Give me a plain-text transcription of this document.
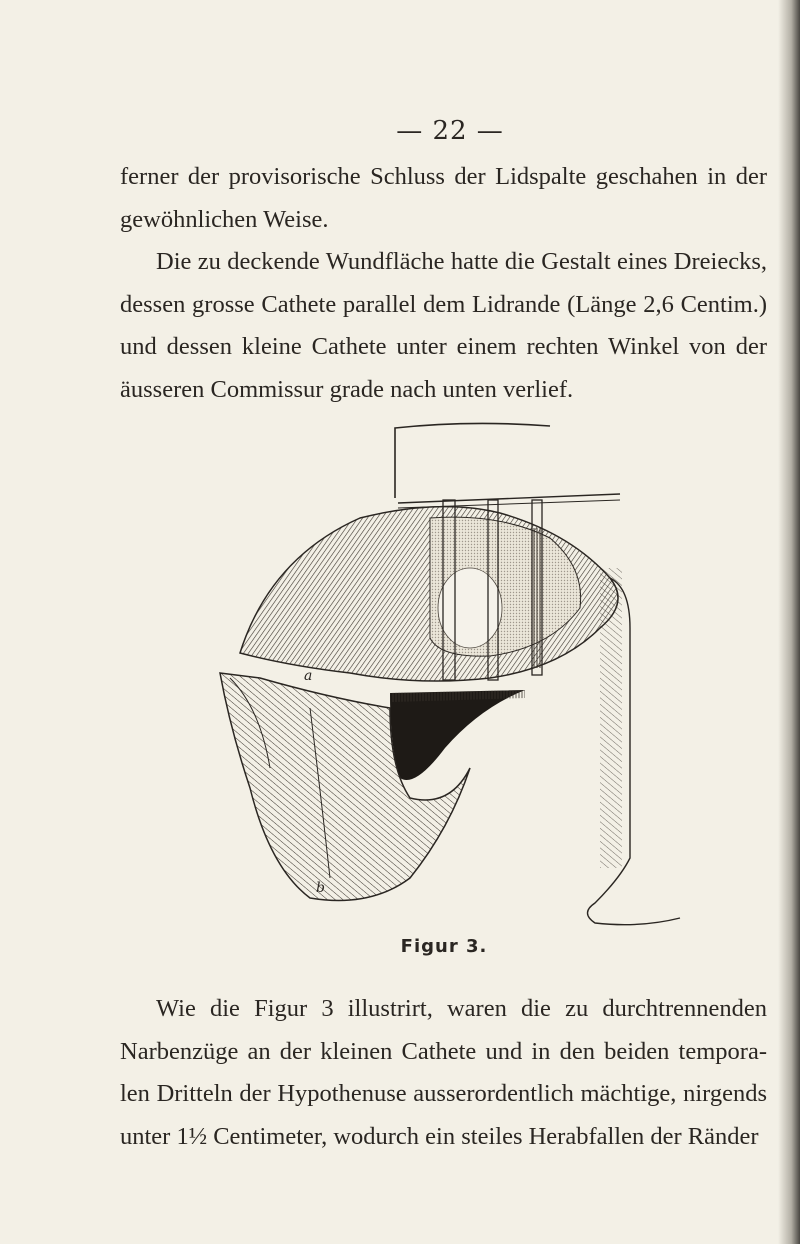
— 22 —

ferner der provisorische Schluss der Lidspalte geschahen in der gewöhnlichen Weise.

Die zu deckende Wundfläche hatte die Gestalt eines Dreiecks, dessen grosse Cathete parallel dem Lidrande (Länge 2,6 Centim.) und dessen kleine Cathete unter einem rechten Winkel von der äusseren Commissur grade nach unten verlief.

a
b
Figur 3.

Wie die Figur 3 illustrirt, waren die zu durchtrennenden Narbenzüge an der kleinen Cathete und in den beiden tempora-len Dritteln der Hypothenuse ausserordentlich mächtige, nirgends unter 1½ Centimeter, wodurch ein steiles Herabfallen der Ränder
